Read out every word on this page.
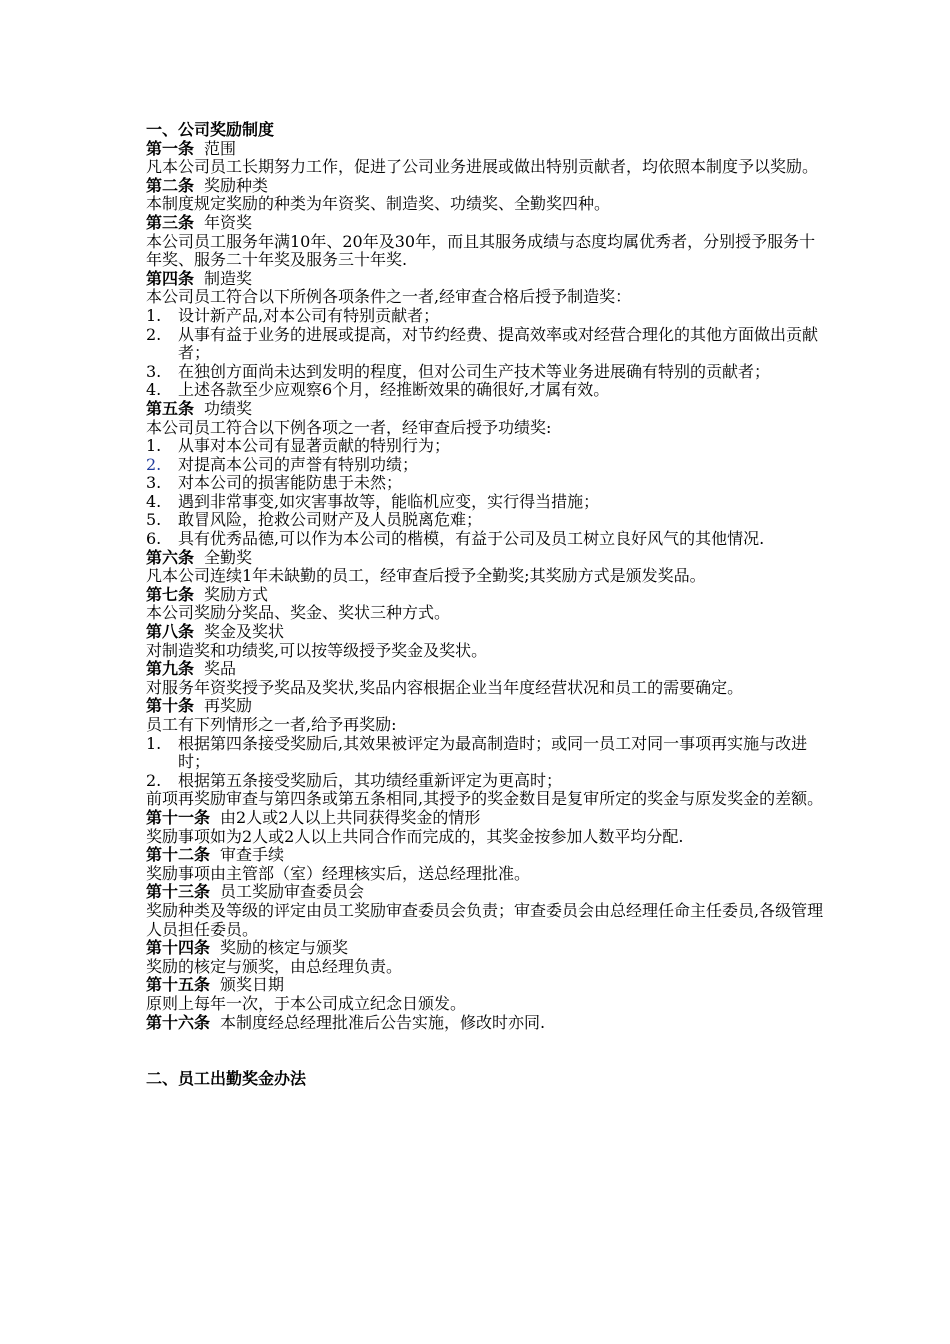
一、公司奖励制度
第一条 范围
凡本公司员工长期努力工作，促进了公司业务进展或做出特别贡献者，均依照本制度予以奖励。
第二条 奖励种类
本制度规定奖励的种类为年资奖、制造奖、功绩奖、全勤奖四种。
第三条 年资奖
本公司员工服务年满10年、20年及30年，而且其服务成绩与态度均属优秀者，分别授予服务十年奖、服务二十年奖及服务三十年奖.
第四条 制造奖
本公司员工符合以下所例各项条件之一者,经审查合格后授予制造奖：
1.	设计新产品,对本公司有特别贡献者；
2.	从事有益于业务的进展或提高，对节约经费、提高效率或对经营合理化的其他方面做出贡献者；
3.	在独创方面尚未达到发明的程度，但对公司生产技术等业务进展确有特别的贡献者；
4.	上述各款至少应观察6个月，经推断效果的确很好,才属有效。
第五条 功绩奖
本公司员工符合以下例各项之一者，经审查后授予功绩奖:
1.	从事对本公司有显著贡献的特别行为；
2.	对提高本公司的声誉有特别功绩；
3.	对本公司的损害能防患于未然；
4.	遇到非常事变,如灾害事故等，能临机应变，实行得当措施；
5.	敢冒风险，抢救公司财产及人员脱离危难；
6.	具有优秀品德,可以作为本公司的楷模，有益于公司及员工树立良好风气的其他情况.
第六条 全勤奖
凡本公司连续1年未缺勤的员工，经审查后授予全勤奖;其奖励方式是颁发奖品。
第七条 奖励方式
本公司奖励分奖品、奖金、奖状三种方式。
第八条 奖金及奖状
对制造奖和功绩奖,可以按等级授予奖金及奖状。
第九条 奖品
对服务年资奖授予奖品及奖状,奖品内容根据企业当年度经营状况和员工的需要确定。
第十条 再奖励
员工有下列情形之一者,给予再奖励:
1.	根据第四条接受奖励后,其效果被评定为最高制造时；或同一员工对同一事项再实施与改进时；
2.	根据第五条接受奖励后，其功绩经重新评定为更高时；
前项再奖励审查与第四条或第五条相同,其授予的奖金数目是复审所定的奖金与原发奖金的差额。
第十一条 由2人或2人以上共同获得奖金的情形
奖励事项如为2人或2人以上共同合作而完成的，其奖金按参加人数平均分配.
第十二条 审查手续
奖励事项由主管部（室）经理核实后，送总经理批准。
第十三条 员工奖励审查委员会
奖励种类及等级的评定由员工奖励审查委员会负责；审查委员会由总经理任命主任委员,各级管理人员担任委员。
第十四条 奖励的核定与颁奖
奖励的核定与颁奖，由总经理负责。
第十五条 颁奖日期
原则上每年一次，于本公司成立纪念日颁发。
第十六条 本制度经总经理批准后公告实施，修改时亦同.
二、员工出勤奖金办法
